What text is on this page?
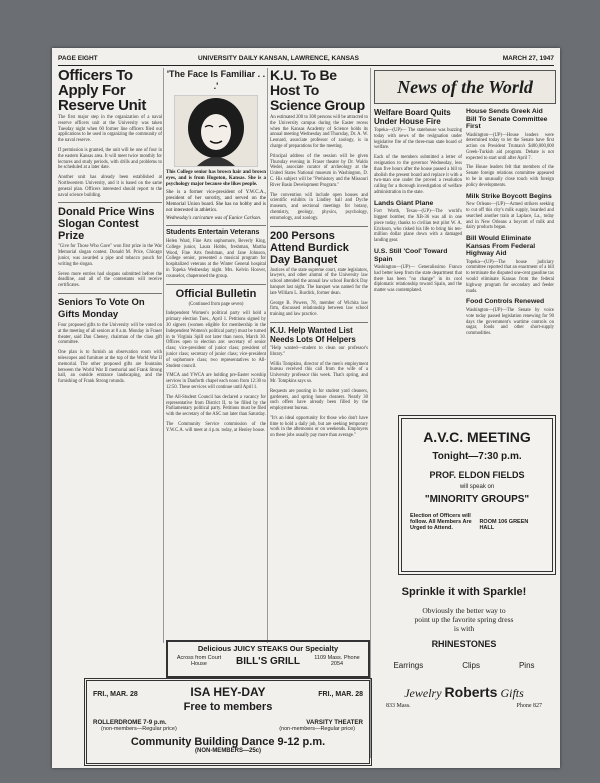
PAGE EIGHT	UNIVERSITY DAILY KANSAN, LAWRENCE, KANSAS	MARCH 27, 1947
Officers To Apply For Reserve Unit

The first major step in the organization of a naval reserve officers unit at the University was taken Tuesday night when 60 former line officers filed out applications to be used in organizing the community of the naval reserve.

If permission is granted, the unit will be one of four in the eastern Kansas area. It will meet twice monthly for lectures and study periods, with drills and problems to be scheduled at a later date.

Another unit has already been established at Northwestern University, and it is based on the same general plan. Officers interested should report to the naval science building.

Donald Price Wins Slogan Contest Prize

"Give for Those Who Gave" won first prize in the War Memorial slogan contest. Donald M. Price, Chicago junior, was awarded a pipe and tobacco pouch for writing the slogan.

Seven more entries had slogans submitted before the deadline, and all of the contestants will receive certificates.

Seniors To Vote On Gifts Monday

Four proposed gifts to the University will be voted on at the meeting of all seniors at 8 a.m. Monday in Fraser theater, said Dan Cheney, chairman of the class gift committee.

One plan is to furnish an observation room with telescopes and furniture at the top of the World War II memorial. The other proposed gifts are fountains between the World War II memorial and Frank Strong hall, an outside entrance landscaping, and the furnishing of Frank Strong rotunda.

'The Face Is Familiar . . .'

This College senior has brown hair and brown eyes, and is from Hugoton, Kansas. She is a psychology major because she likes people.

She is a former vice-president of Y.W.C.A., president of her sorority, and served on the Memorial Union board. She has no hobby and is not interested in athletics.

Wednesday's caricature was of Eunice Carlson.

Students Entertain Veterans

Helen Ward, Fine Arts sophomore, Beverly King, College junior, Laura Hobbs, freshman, Martha Wood, Fine Arts freshman, and Jane Johnson, College senior, presented a musical program for hospitalized veterans at the Winter General hospital in Topeka Wednesday night. Mrs. Kelvin Hoover, counselor, chaperoned the group.

Official Bulletin

(Continued from page seven)

Independent Women's political party will hold a primary election Tues., April 1. Petitions signed by 30 signers (women eligible for membership in the Independent Women's political party) must be turned in to Virginia Spill not later than noon, March 30. Offices open to election are: secretary of senior class; vice-president of junior class; president of junior class; secretary of junior class; vice-president of sophomore class; two representatives to All-Student council.

YMCA and YWCA are holding pre-Easter worship services in Danforth chapel each noon from 12:30 to 12:50. These services will continue until April 1.

The All-Student Council has declared a vacancy for representative from District II, to be filled by the Parliamentary political party. Petitions must be filed with the secretary of the ASC not later than Saturday.

The Community Service commission of the Y.W.C.A. will meet at 4 p.m. today, at Henley house.

K.U. To Be Host To Science Group

An estimated 200 to 300 persons will be attracted to the University campus during the Easter recess when the Kansas Academy of Science holds its annual meeting Wednesday and Thursday, Dr. A. W. Leonard, associate professor of zoology, is in charge of preparations for the meeting.

Principal address of the session will be given Thursday evening in Fraser theater by Dr. Waldo Wedel, associate curator of archeology at the United States National museum in Washington, D. C. His subject will be "Prehistory and the Missouri River Basin Development Program."

The convention will include open houses and scientific exhibits in Lindley hall and Dyche museum, and sectional meetings for botany, chemistry, geology, physics, psychology, entomology, and zoology.

200 Persons Attend Burdick Day Banquet

Justices of the state supreme court, state legislators, lawyers, and other alumni of the University law school attended the annual law school Burdick Day banquet last night. The banquet was named for the late William L. Burdick, former dean.

George B. Powers, 78, member of Wichita law firm, discussed relationship between law school training and law practice.

K.U. Help Wanted List Needs Lots Of Helpers

"Help wanted—student to clean our professor's library."

Willis Tompkins, director of the men's employment bureau received this call from the wife of a University professor this week. That's spring, and Mr. Tompkins says so.

Requests are pouring in for student yard cleaners, gardeners, and spring house cleaners. Nearly 30 such offers have already been filled by the employment bureau.

"It's an ideal opportunity for those who don't have time to hold a daily job, but are seeking temporary work in the afternoons or on weekends. Employers on these jobs usually pay more than average."

News of the World
Welfare Board Quits Under House Fire

Topeka—(UP)— The statehouse was buzzing today with news of the resignation under legislative fire of the three-man state board of welfare.

Each of the members submitted a letter of resignation to the governor Wednesday, less than five hours after the house passed a bill to abolish the present board and replace it with a two-man one under the proved a resolution calling for a thorough investigation of welfare administration in the state.

Lands Giant Plane

Fort Worth, Texas—(UP)—The world's biggest bomber, the XB-36 was all in one piece today, thanks to civilian test pilot W. A. Erickson, who risked his life to bring his ten-million dollar plane down with a damaged landing gear.

U.S. Still 'Cool' Toward Spain

Washington—(UP)— Generalissimo Franco had better keep from the state department that there has been "no change" in its cool diplomatic relationship toward Spain, and the matter was contemplated.

House Sends Greek Aid Bill To Senate Committee First

Washington—(UP)—House leaders were determined today to let the Senate have first action on President Truman's $400,000,000 Greek-Turkish aid program. Debate is not expected to start until after April 7.

The House leaders felt that members of the Senate foreign relations committee appeared to be in unusually close touch with foreign policy developments.

Milk Strike Boycott Begins

New Orleans—(UP)—Armed strikers seeking to cut off this city's milk supply, boarded and searched another train at Laplace, La., today and in New Orleans a boycott of milk and dairy products began.

Bill Would Eliminate Kansas From Federal Highway Aid

Topeka—(UP)—The house judiciary committee reported that an enactment of a bill to terminate the disputed one-cent gasoline tax would eliminate Kansas from the federal highway program for secondary and feeder roads.

Food Controls Renewed

Washington—(UP)—The Senate by voice vote today passed legislation renewing for 90 days the government's wartime controls on sugar, foods and other short-supply commodities.

A.V.C. MEETING
Tonight—7:30 p.m.
PROF. ELDON FIELDS
will speak on
"MINORITY GROUPS"
Election of Officers will follow. All Members Are Urged to Attend.
ROOM 106 GREEN HALL
Sprinkle it with Sparkle!
Obviously the better way to point up the favorite spring dress is with
RHINESTONES
Earrings	Clips	Pins
Jewelry Roberts Gifts
833 Mass.	Phone 827
Delicious JUICY STEAKS Our Specialty
Across from Court House	BILL'S GRILL	1109 Mass. Phone 2054
FRI., MAR. 28	FRI., MAR. 28
ISA HEY-DAY
Free to members
ROLLERDROME 7-9 p.m.	VARSITY THEATER
(non-members—Regular price)	(non-members—Regular price)
Community Building Dance 9-12 p.m.
(NON-MEMBERS—25c)
